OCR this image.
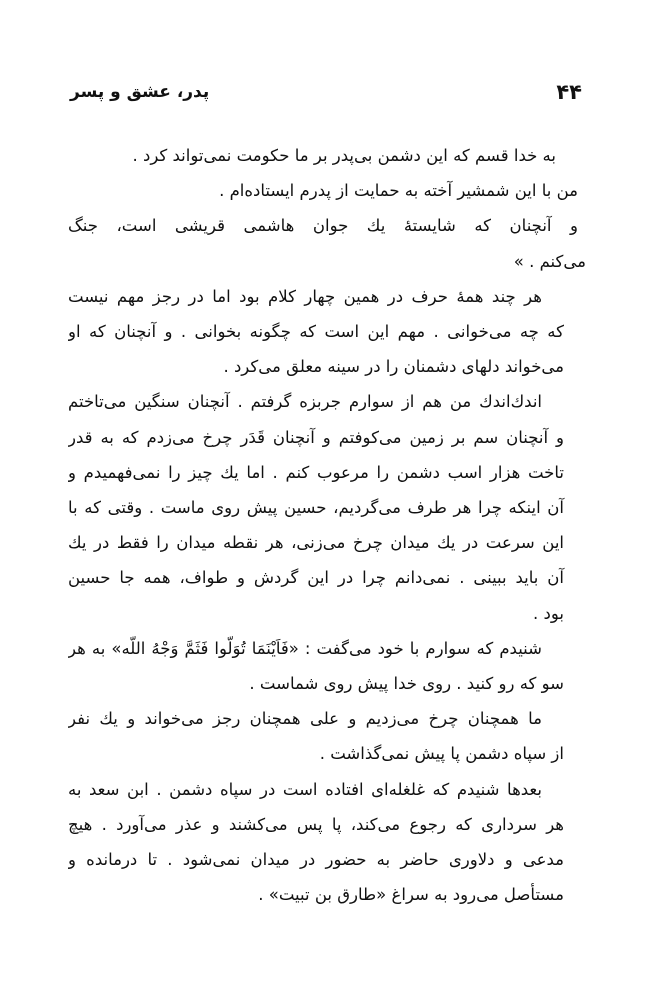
۴۴
پدر، عشق و پسر
به خدا قسم که این دشمن بی‌پدر بر ما حکومت نمی‌تواند کرد .
من با این شمشیر آخته به حمایت از پدرم ایستاده‌ام .
و آنچنان که شایستهٔ یك جوان هاشمی قریشی است، جنگ
می‌کنم . »
هر چند همهٔ حرف در همین چهار کلام بود اما در رجز مهم نیست
که چه می‌خوانی . مهم این است که چگونه بخوانی . و آنچنان که او
می‌خواند دلهای دشمنان را در سینه معلق می‌کرد .
اندك‌اندك من هم از سوارم جربزه گرفتم . آنچنان سنگین می‌تاختم
و آنچنان سم بر زمین می‌کوفتم و آنچنان قَدَر چرخ می‌زدم که به قدر
تاخت هزار اسب دشمن را مرعوب کنم . اما یك چیز را نمی‌فهمیدم و
آن اینکه چرا هر طرف می‌گردیم، حسین پیش روی ماست . وقتی که با
این سرعت در یك میدان چرخ می‌زنی، هر نقطه میدان را فقط در یك
آن باید ببینی . نمی‌دانم چرا در این گردش و طواف، همه جا حسین
بود .
شنیدم که سوارم با خود می‌گفت : «فَاَیْنَمَا تُوَلّوا فَثَمَّ وَجْهُ اللّه» به هر
سو که رو کنید . روی خدا پیش روی شماست .
ما همچنان چرخ می‌زدیم و علی همچنان رجز می‌خواند و یك نفر
از سپاه دشمن پا پیش نمی‌گذاشت .
بعدها شنیدم که غلغله‌ای افتاده است در سپاه دشمن . ابن سعد به
هر سرداری که رجوع می‌کند، پا پس می‌کشند و عذر می‌آورد . هیچ
مدعی و دلاوری حاضر به حضور در میدان نمی‌شود . تا درمانده و
مستأصل می‌رود به سراغ «طارق بن تبیت» .
